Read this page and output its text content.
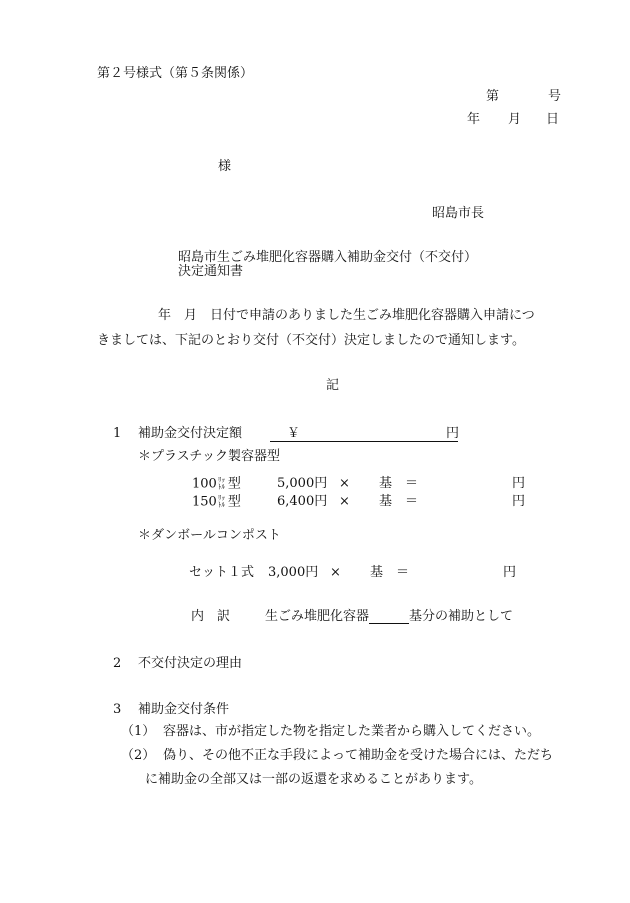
第２号様式（第５条関係）
第	号
年 月 日
様
昭島市長
昭島市生ごみ堆肥化容器購入補助金交付（不交付）
決定通知書
年　月　日付で申請のありました生ごみ堆肥化容器購入申請につ
きましては、下記のとおり交付（不交付）決定しましたので通知します。
記
1 補助金交付決定額	￥	円
＊プラスチック製容器型
100ﾘｯﾄﾙ 型	5,000円 × 基 ＝	円
150ﾘｯﾄﾙ 型	6,400円 × 基 ＝	円
＊ダンボールコンポスト
セット１式 3,000円 × 基 ＝	円
内　訳	生ごみ堆肥化容器	基分の補助として
2 不交付決定の理由
3 補助金交付条件
（1） 容器は、市が指定した物を指定した業者から購入してください。
（2） 偽り、その他不正な手段によって補助金を受けた場合には、ただち
に補助金の全部又は一部の返還を求めることがあります。
